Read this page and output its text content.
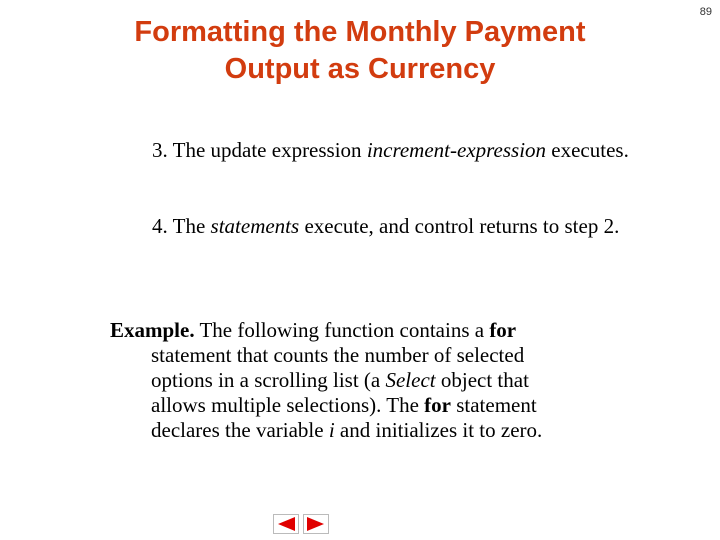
Formatting the Monthly Payment
Output as Currency
89
3. The update expression increment-expression executes.
4. The statements execute, and control returns to step 2.
Example. The following function contains a for
statement that counts the number of selected
options in a scrolling list (a Select object that
allows multiple selections). The for statement
declares the variable i and initializes it to zero.
